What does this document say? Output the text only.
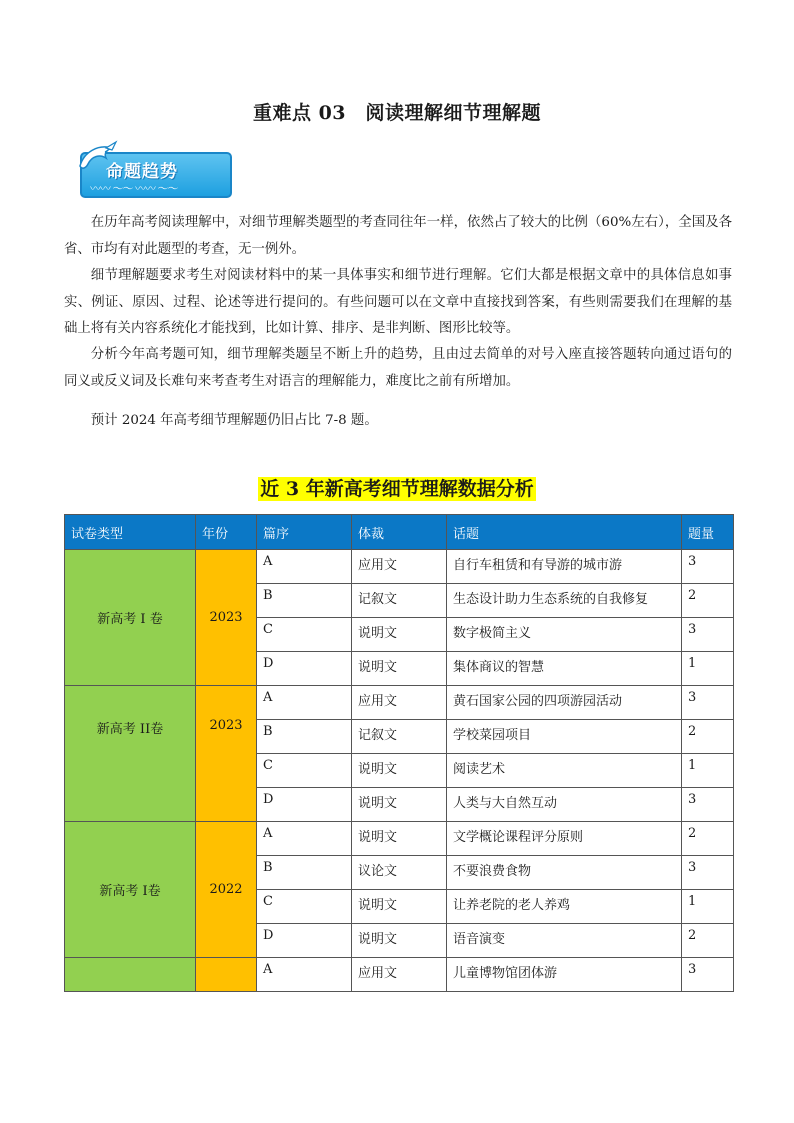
重难点 03　阅读理解细节理解题
命题趋势
〰〰 ～～ 〰〰 ～～
在历年高考阅读理解中，对细节理解类题型的考查同往年一样，依然占了较大的比例（60%左右），全国及各省、市均有对此题型的考查，无一例外。
细节理解题要求考生对阅读材料中的某一具体事实和细节进行理解。它们大都是根据文章中的具体信息如事实、例证、原因、过程、论述等进行提问的。有些问题可以在文章中直接找到答案，有些则需要我们在理解的基础上将有关内容系统化才能找到，比如计算、排序、是非判断、图形比较等。
分析今年高考题可知，细节理解类题呈不断上升的趋势，且由过去简单的对号入座直接答题转向通过语句的同义或反义词及长难句来考查考生对语言的理解能力，难度比之前有所增加。
预计 2024 年高考细节理解题仍旧占比 7-8 题。
近 3 年新高考细节理解数据分析
试卷类型	年份	篇序	体裁	话题	题量
新高考 I 卷	2023	A	应用文	自行车租赁和有导游的城市游	3
		B	记叙文	生态设计助力生态系统的自我修复	2
		C	说明文	数字极简主义	3
		D	说明文	集体商议的智慧	1
新高考 II卷	2023	A	应用文	黄石国家公园的四项游园活动	3
		B	记叙文	学校菜园项目	2
		C	说明文	阅读艺术	1
		D	说明文	人类与大自然互动	3
新高考 I卷	2022	A	说明文	文学概论课程评分原则	2
		B	议论文	不要浪费食物	3
		C	说明文	让养老院的老人养鸡	1
		D	说明文	语音演变	2
		A	应用文	儿童博物馆团体游	3
